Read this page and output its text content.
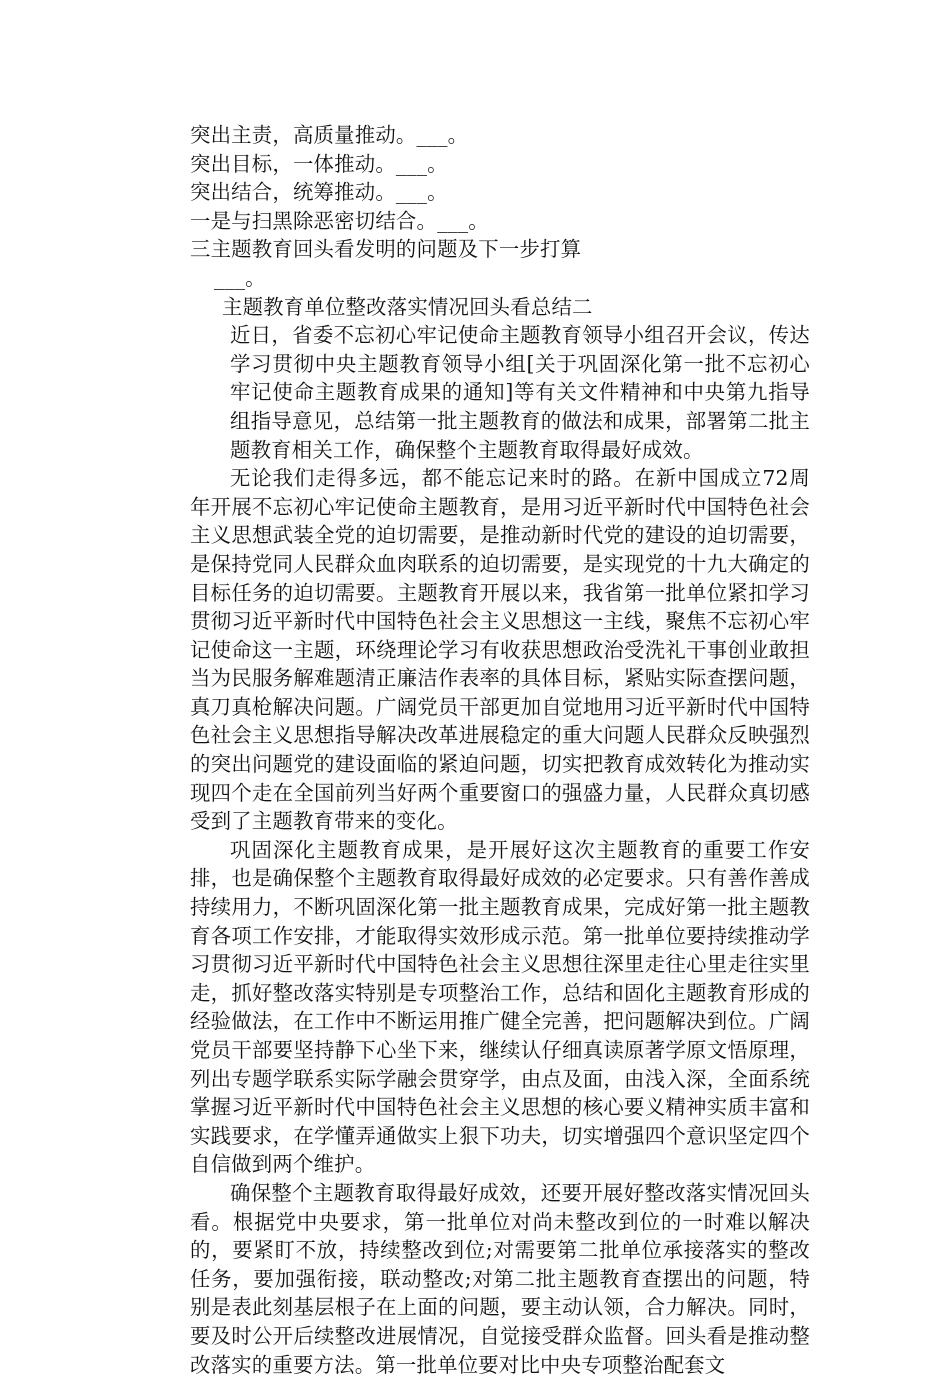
突出主责，高质量推动。___。

突出目标，一体推动。___。

突出结合，统筹推动。___。

一是与扫黑除恶密切结合。___。

三主题教育回头看发明的问题及下一步打算

___。

主题教育单位整改落实情况回头看总结二

近日，省委不忘初心牢记使命主题教育领导小组召开会议，传达学习贯彻中央主题教育领导小组[关于巩固深化第一批不忘初心牢记使命主题教育成果的通知]等有关文件精神和中央第九指导组指导意见，总结第一批主题教育的做法和成果，部署第二批主题教育相关工作，确保整个主题教育取得最好成效。

无论我们走得多远，都不能忘记来时的路。在新中国成立72周年开展不忘初心牢记使命主题教育，是用习近平新时代中国特色社会主义思想武装全党的迫切需要，是推动新时代党的建设的迫切需要，是保持党同人民群众血肉联系的迫切需要，是实现党的十九大确定的目标任务的迫切需要。主题教育开展以来，我省第一批单位紧扣学习贯彻习近平新时代中国特色社会主义思想这一主线，聚焦不忘初心牢记使命这一主题，环绕理论学习有收获思想政治受洗礼干事创业敢担当为民服务解难题清正廉洁作表率的具体目标，紧贴实际查摆问题，真刀真枪解决问题。广阔党员干部更加自觉地用习近平新时代中国特色社会主义思想指导解决改革进展稳定的重大问题人民群众反映强烈的突出问题党的建设面临的紧迫问题，切实把教育成效转化为推动实现四个走在全国前列当好两个重要窗口的强盛力量，人民群众真切感受到了主题教育带来的变化。

巩固深化主题教育成果，是开展好这次主题教育的重要工作安排，也是确保整个主题教育取得最好成效的必定要求。只有善作善成持续用力，不断巩固深化第一批主题教育成果，完成好第一批主题教育各项工作安排，才能取得实效形成示范。第一批单位要持续推动学习贯彻习近平新时代中国特色社会主义思想往深里走往心里走往实里走，抓好整改落实特别是专项整治工作，总结和固化主题教育形成的经验做法，在工作中不断运用推广健全完善，把问题解决到位。广阔党员干部要坚持静下心坐下来，继续认仔细真读原著学原文悟原理，列出专题学联系实际学融会贯穿学，由点及面，由浅入深，全面系统掌握习近平新时代中国特色社会主义思想的核心要义精神实质丰富和实践要求，在学懂弄通做实上狠下功夫，切实增强四个意识坚定四个自信做到两个维护。

确保整个主题教育取得最好成效，还要开展好整改落实情况回头看。根据党中央要求，第一批单位对尚未整改到位的一时难以解决的，要紧盯不放，持续整改到位;对需要第二批单位承接落实的整改任务，要加强衔接，联动整改;对第二批主题教育查摆出的问题，特别是表此刻基层根子在上面的问题，要主动认领，合力解决。同时，要及时公开后续整改进展情况，自觉接受群众监督。回头看是推动整改落实的重要方法。第一批单位要对比中央专项整治配套文
